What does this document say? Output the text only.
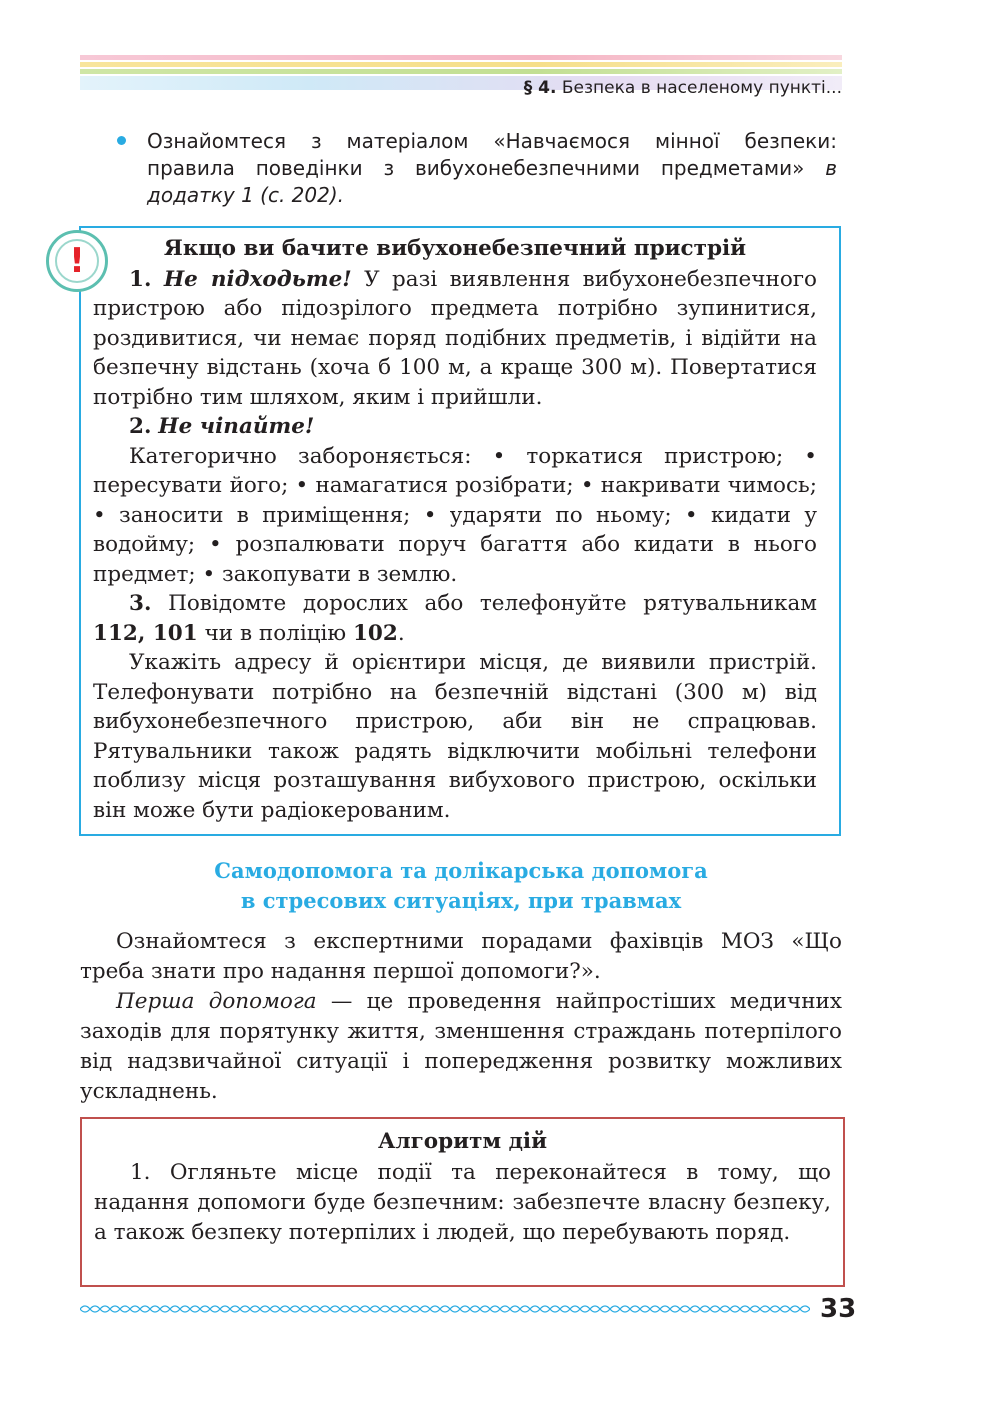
§ 4. Безпека в населеному пункті...
Ознайомтеся з матеріалом «Навчаємося мінної безпеки: правила поведінки з вибухонебезпечними предметами» в додатку 1 (с. 202).
Якщо ви бачите вибухонебезпечний пристрій

1. Не підходьте! У разі виявлення вибухонебезпечного пристрою або підозрілого предмета потрібно зупинитися, роздивитися, чи немає поряд подібних предметів, і відійти на безпечну відстань (хоча б 100 м, а краще 300 м). Повертатися потрібно тим шляхом, яким і прийшли.

2. Не чіпайте!

Категорично забороняється: • торкатися пристрою; • пересувати його; • намагатися розібрати; • накривати чимось; • заносити в приміщення; • ударяти по ньому; • кидати у водойму; • розпалювати поруч багаття або кидати в нього предмет; • закопувати в землю.

3. Повідомте дорослих або телефонуйте рятувальникам 112, 101 чи в поліцію 102.

Укажіть адресу й орієнтири місця, де виявили пристрій. Телефонувати потрібно на безпечній відстані (300 м) від вибухонебезпечного пристрою, аби він не спрацював. Рятувальники також радять відключити мобільні телефони поблизу місця розташування вибухового пристрою, оскільки він може бути радіокерованим.

!
Самодопомога та долікарська допомога
в стресових ситуаціях, при травмах

Ознайомтеся з експертними порадами фахівців МОЗ «Що треба знати про надання першої допомоги?».

Перша допомога — це проведення найпростіших медичних заходів для порятунку життя, зменшення страждань потерпілого від надзвичайної ситуації і попередження розвитку можливих ускладнень.

Алгоритм дій

1. Огляньте місце події та переконайтеся в тому, що надання допомоги буде безпечним: забезпечте власну безпеку, а також безпеку потерпілих і людей, що перебувають поряд.

33
